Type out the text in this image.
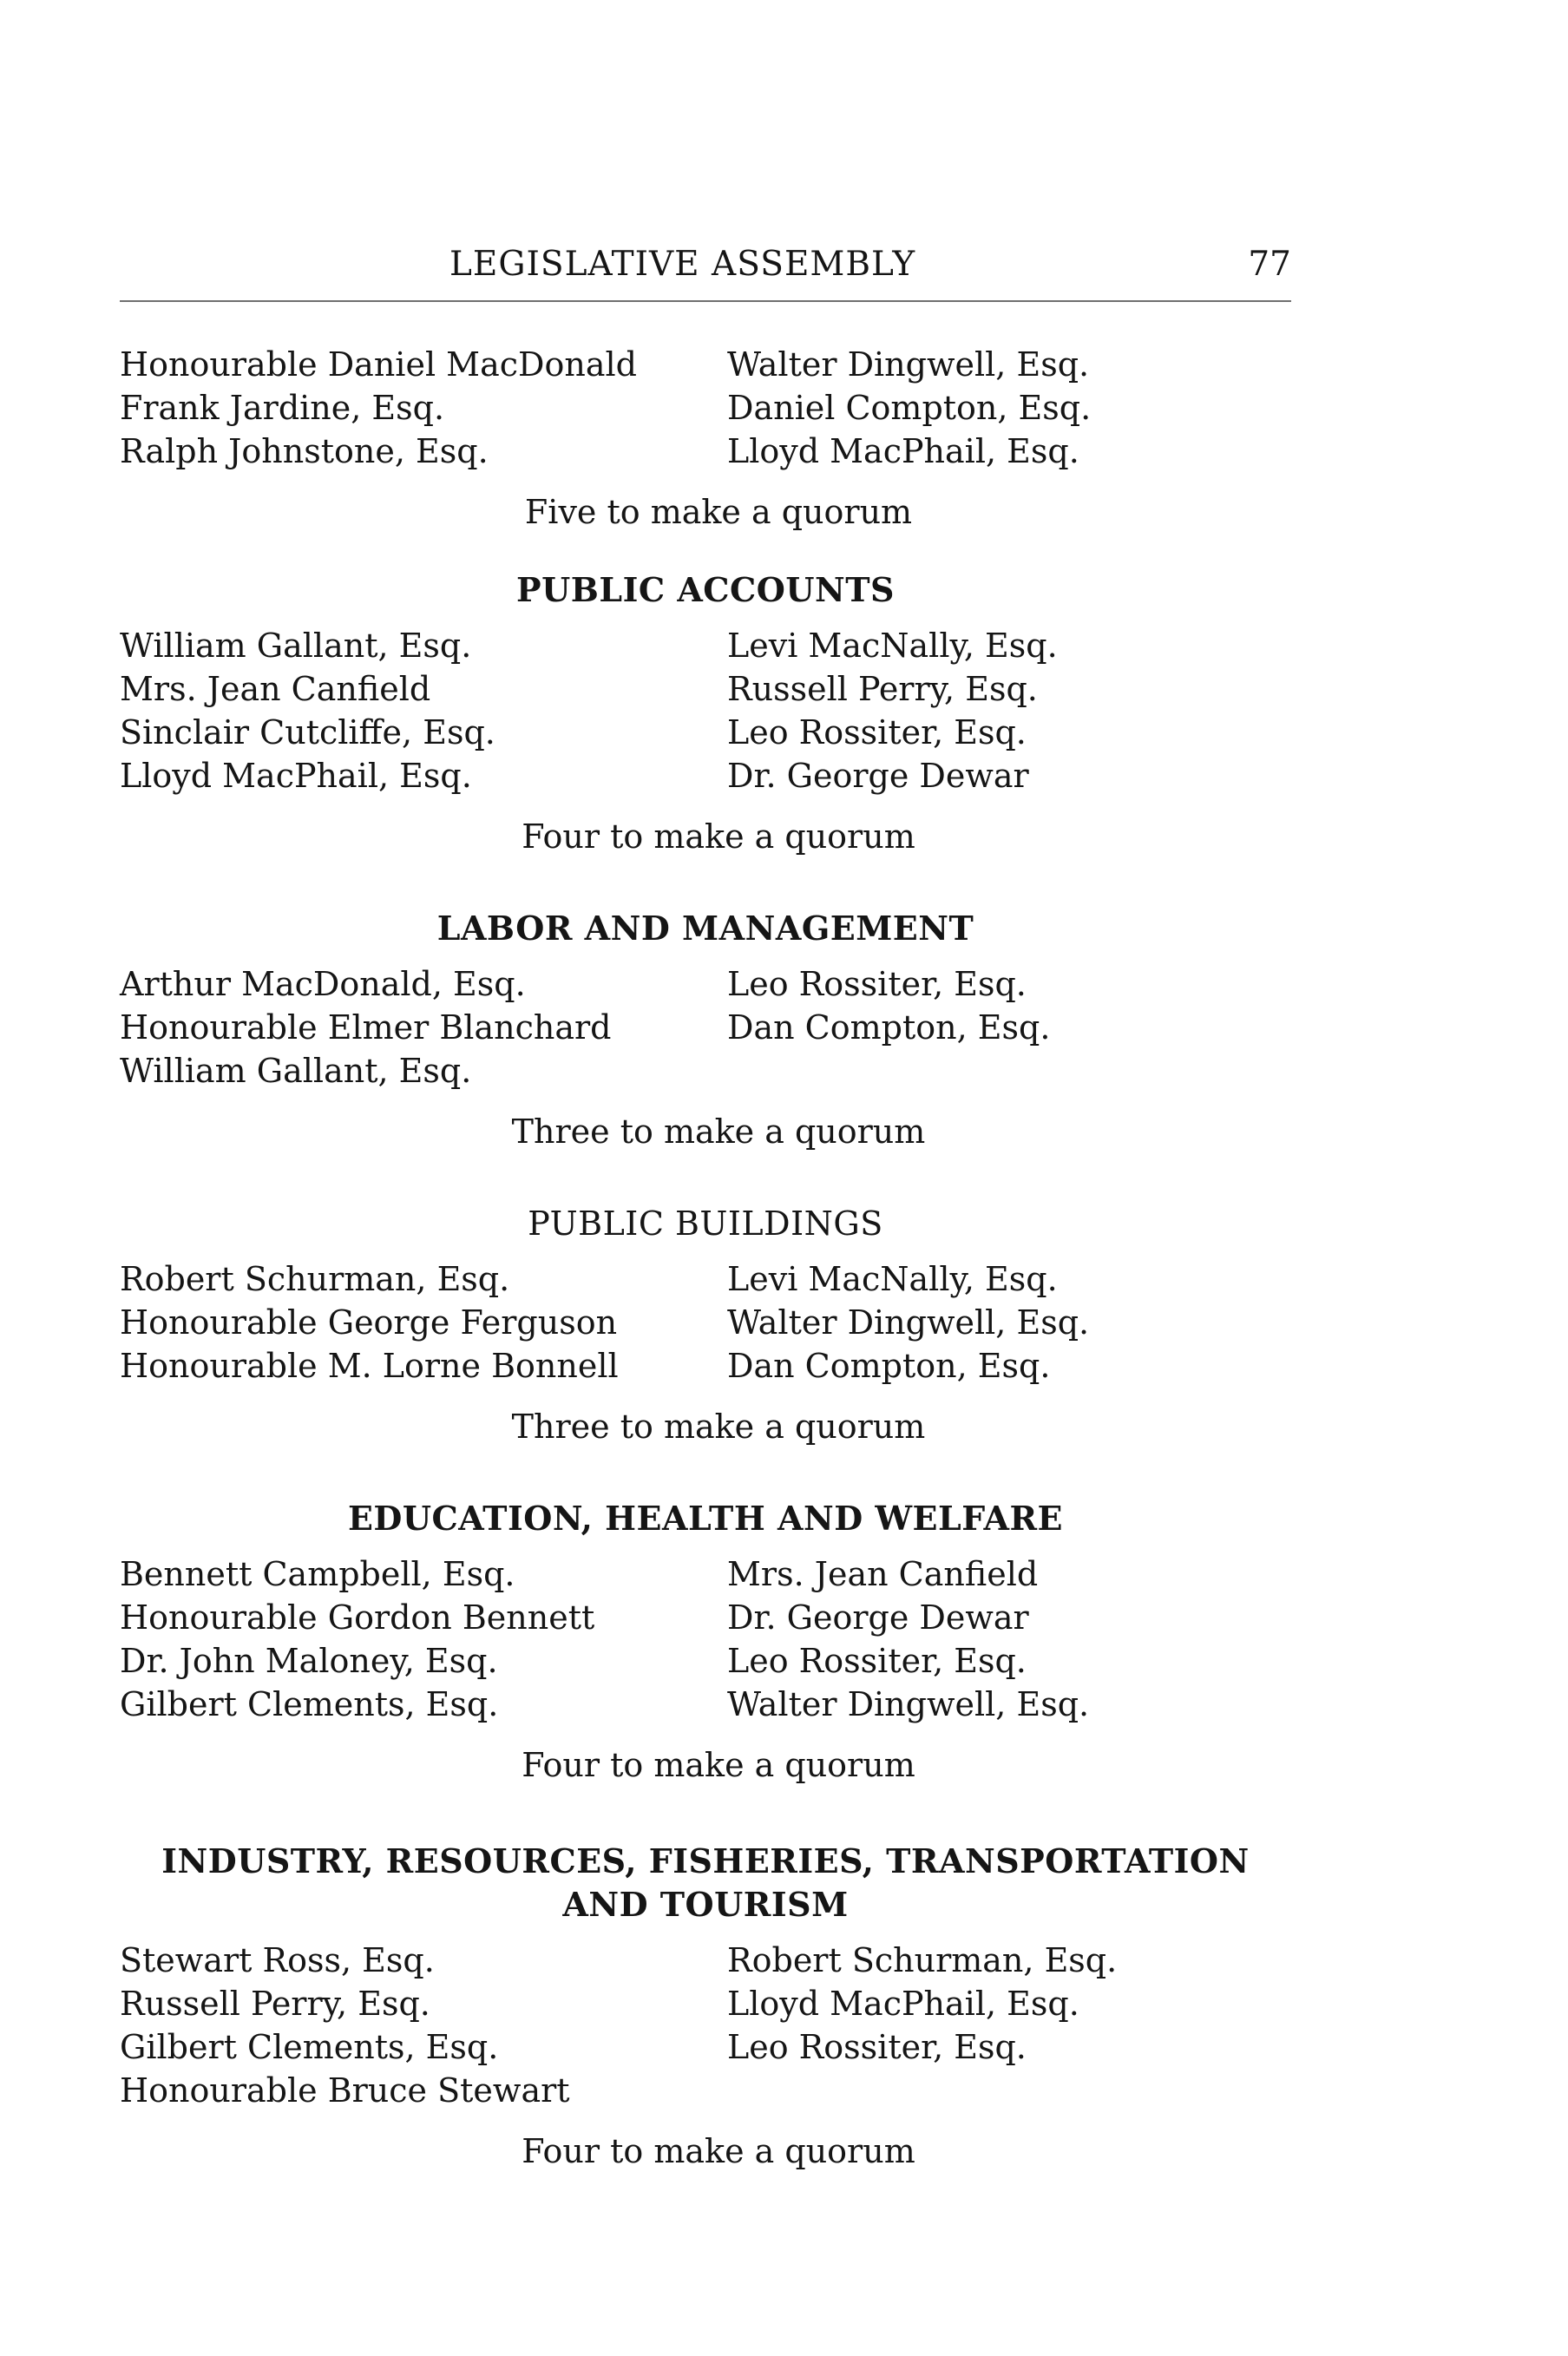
LEGISLATIVE ASSEMBLY	77
Honourable Daniel MacDonald
Frank Jardine, Esq.
Ralph Johnstone, Esq.
Walter Dingwell, Esq.
Daniel Compton, Esq.
Lloyd MacPhail, Esq.
Five to make a quorum
PUBLIC ACCOUNTS
William Gallant, Esq.
Mrs. Jean Canfield
Sinclair Cutcliffe, Esq.
Lloyd MacPhail, Esq.
Levi MacNally, Esq.
Russell Perry, Esq.
Leo Rossiter, Esq.
Dr. George Dewar
Four to make a quorum
LABOR AND MANAGEMENT
Arthur MacDonald, Esq.
Honourable Elmer Blanchard
William Gallant, Esq.
Leo Rossiter, Esq.
Dan Compton, Esq.
Three to make a quorum
PUBLIC BUILDINGS
Robert Schurman, Esq.
Honourable George Ferguson
Honourable M. Lorne Bonnell
Levi MacNally, Esq.
Walter Dingwell, Esq.
Dan Compton, Esq.
Three to make a quorum
EDUCATION, HEALTH AND WELFARE
Bennett Campbell, Esq.
Honourable Gordon Bennett
Dr. John Maloney, Esq.
Gilbert Clements, Esq.
Mrs. Jean Canfield
Dr. George Dewar
Leo Rossiter, Esq.
Walter Dingwell, Esq.
Four to make a quorum
INDUSTRY, RESOURCES, FISHERIES, TRANSPORTATION
AND TOURISM
Stewart Ross, Esq.
Russell Perry, Esq.
Gilbert Clements, Esq.
Honourable Bruce Stewart
Robert Schurman, Esq.
Lloyd MacPhail, Esq.
Leo Rossiter, Esq.
Four to make a quorum
